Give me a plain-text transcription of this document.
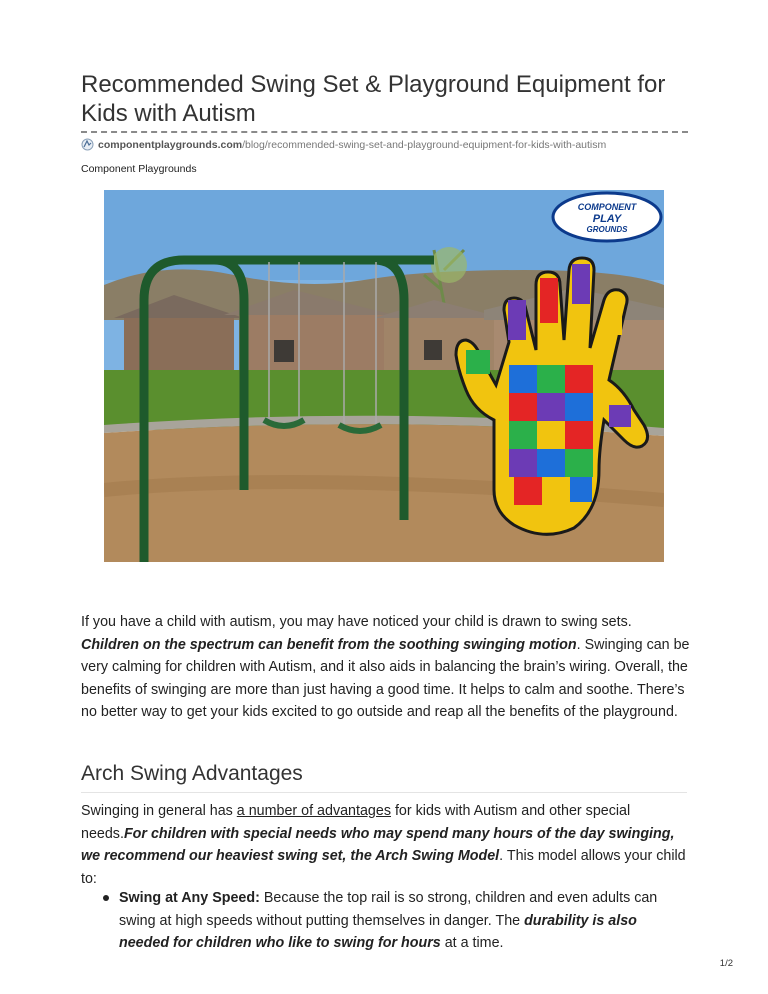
Recommended Swing Set & Playground Equipment for Kids with Autism
componentplaygrounds.com/blog/recommended-swing-set-and-playground-equipment-for-kids-with-autism
Component Playgrounds
COMPONENT
PLAY
GROUNDS

If you have a child with autism, you may have noticed your child is drawn to swing sets. Children on the spectrum can benefit from the soothing swinging motion. Swinging can be very calming for children with Autism, and it also aids in balancing the brain’s wiring. Overall, the benefits of swinging are more than just having a good time. It helps to calm and soothe. There’s no better way to get your kids excited to go outside and reap all the benefits of the playground.

Arch Swing Advantages

Swinging in general has a number of advantages for kids with Autism and other special needs.For children with special needs who may spend many hours of the day swinging, we recommend our heaviest swing set, the Arch Swing Model. This model allows your child to:

Swing at Any Speed: Because the top rail is so strong, children and even adults can swing at high speeds without putting themselves in danger. The durability is also needed for children who like to swing for hours at a time.
1/2
